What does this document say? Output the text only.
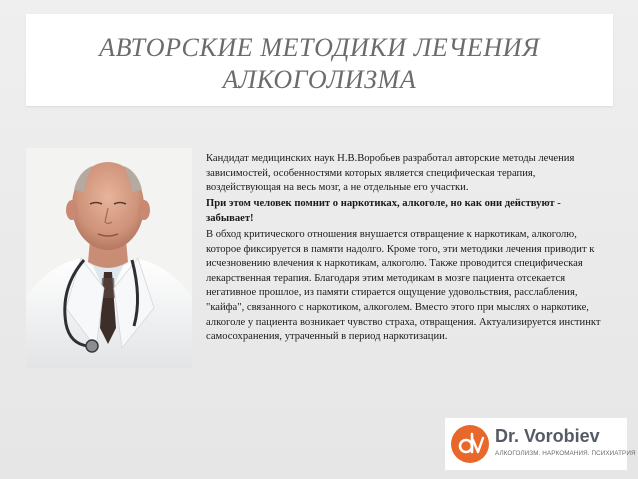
АВТОРСКИЕ МЕТОДИКИ ЛЕЧЕНИЯ
АЛКОГОЛИЗМА

Кандидат медицинских наук Н.В.Воробьев разработал авторские методы лечения зависимостей, особенностями которых является специфическая терапия, воздействующая на весь мозг, а не отдельные его участки.

При этом человек помнит о наркотиках, алкоголе, но как они действуют - забывает!

В обход критического отношения внушается отвращение к наркотикам, алкоголю, которое фиксируется в памяти надолго. Кроме того, эти методики лечения приводит к исчезновению влечения к наркотикам, алкоголю. Также проводится специфическая лекарственная терапия. Благодаря этим методикам в мозге пациента отсекается негативное прошлое, из памяти стирается ощущение удовольствия, расслабления, "кайфа", связанного с наркотиком, алкоголем. Вместо этого при мыслях о наркотике, алкоголе у пациента возникает чувство страха, отвращения. Актуализируется инстинкт самосохранения, утраченный в период наркотизации.

Dr. Vorobiev
АЛКОГОЛИЗМ. НАРКОМАНИЯ. ПСИХИАТРИЯ
